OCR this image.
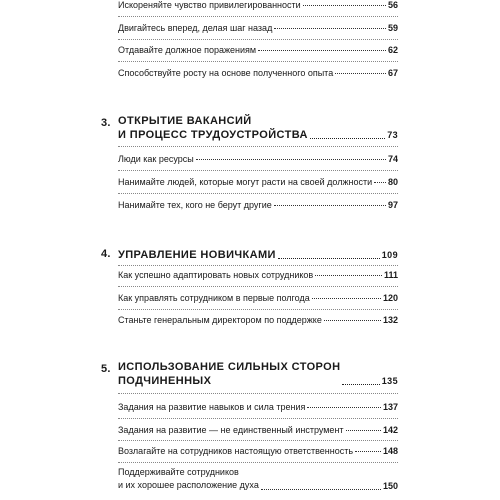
Искореняйте чувство привилегированности	56
Двигайтесь вперед, делая шаг назад	59
Отдавайте должное поражениям	62
Способствуйте росту на основе полученного опыта	67
3. ОТКРЫТИЕ ВАКАНСИЙ
И ПРОЦЕСС ТРУДОУСТРОЙСТВА	73
Люди как ресурсы	74
Нанимайте людей, которые могут расти на своей должности 80
Нанимайте тех, кого не берут другие	97
4. УПРАВЛЕНИЕ НОВИЧКАМИ	109
Как успешно адаптировать новых сотрудников	111
Как управлять сотрудником в первые полгода	120
Станьте генеральным директором по поддержке	132
5. ИСПОЛЬЗОВАНИЕ СИЛЬНЫХ СТОРОН
ПОДЧИНЕННЫХ	135
Задания на развитие навыков и сила трения	137
Задания на развитие — не единственный инструмент	142
Возлагайте на сотрудников настоящую ответственность	148
Поддерживайте сотрудников
и их хорошее расположение духа	150
